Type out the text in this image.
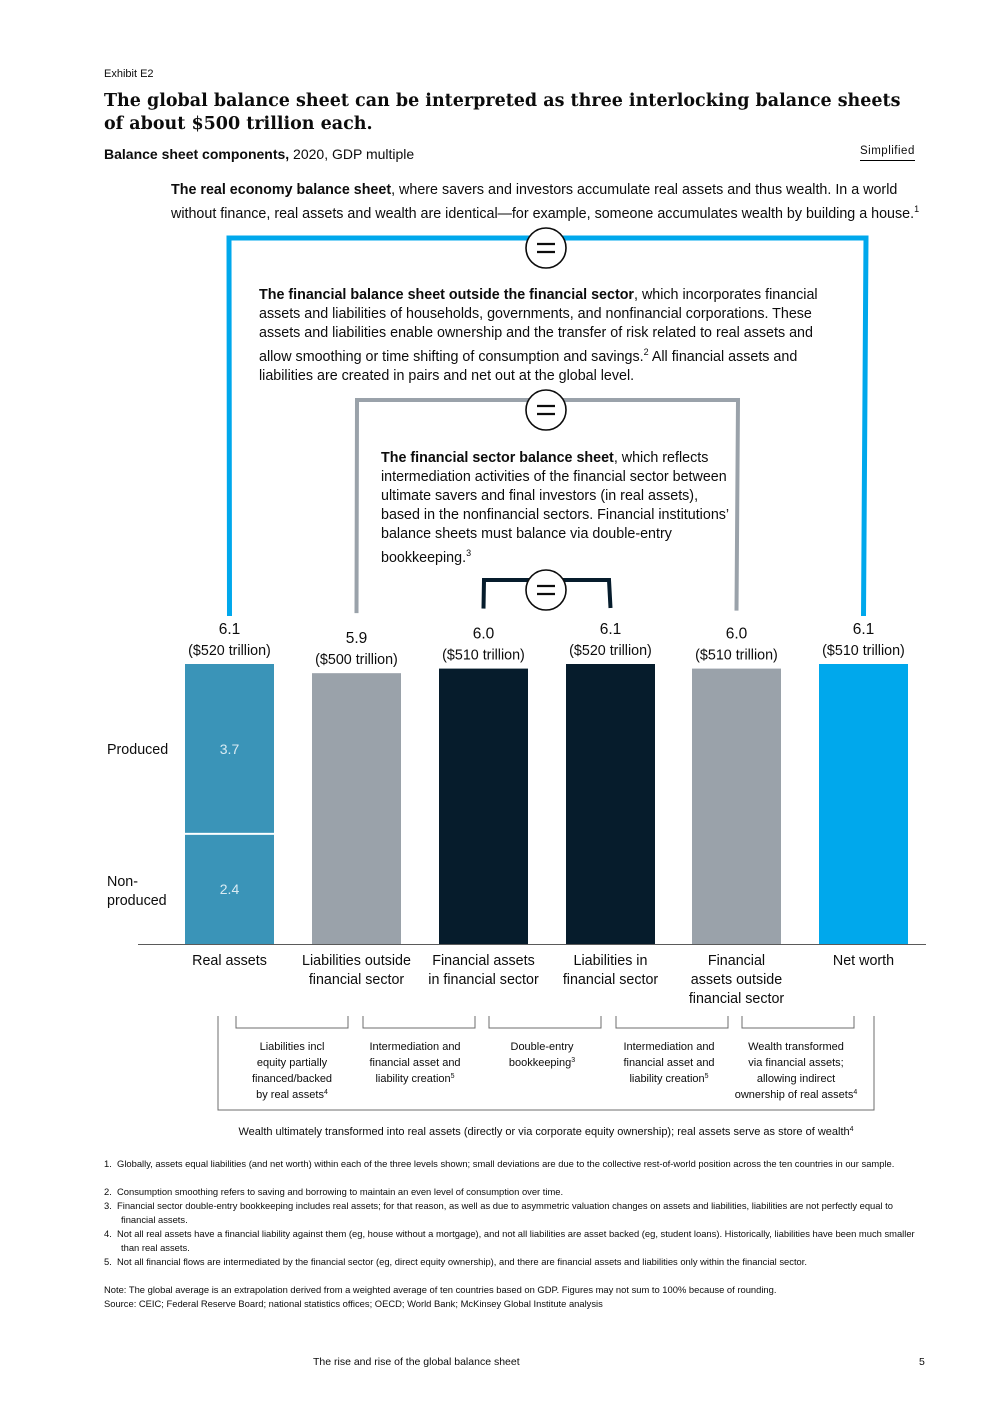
Exhibit E2
The global balance sheet can be interpreted as three interlocking balance sheets of about $500 trillion each.
Balance sheet components, 2020, GDP multiple	Simplified
The real economy balance sheet, where savers and investors accumulate real assets and thus wealth. In a world without finance, real assets and wealth are identical—for example, someone accumulates wealth by building a house.$^1$
The financial balance sheet outside the financial sector, which incorporates financial assets and liabilities of households, governments, and nonfinancial corporations. These assets and liabilities enable ownership and the transfer of risk related to real assets and allow smoothing or time shifting of consumption and savings.$^2$ All financial assets and liabilities are created in pairs and net out at the global level.
The financial sector balance sheet, which reflects intermediation activities of the financial sector between ultimate savers and final investors (in real assets), based in the nonfinancial sectors. Financial institutions’ balance sheets must balance via double-entry bookkeeping.$^3$
3.7
2.4
6.1
($520 trillion)
Real assets
5.9
($500 trillion)
Liabilities outside
financial sector
6.0
($510 trillion)
Financial assets
in financial sector
6.1
($520 trillion)
Liabilities in
financial sector
6.0
($510 trillion)
Financial
assets outside
financial sector
6.1
($510 trillion)
Net worth
Produced
Non-
produced
Liabilities incl
equity partially
financed/backed
by real assets$^4$
Intermediation and
financial asset and
liability creation$^5$
Double-entry
bookkeeping$^3$
Intermediation and
financial asset and
liability creation$^5$
Wealth transformed
via financial assets;
allowing indirect
ownership of real assets$^4$
Wealth ultimately transformed into real assets (directly or via corporate equity ownership); real assets serve as store of wealth$^4$
1.  Globally, assets equal liabilities (and net worth) within each of the three levels shown; small deviations are due to the collective rest-of-world position across the ten countries in our sample.
2.  Consumption smoothing refers to saving and borrowing to maintain an even level of consumption over time.
3.  Financial sector double-entry bookkeeping includes real assets; for that reason, as well as due to asymmetric valuation changes on assets and liabilities, liabilities are not perfectly equal to financial assets.
4.  Not all real assets have a financial liability against them (eg, house without a mortgage), and not all liabilities are asset backed (eg, student loans). Historically, liabilities have been much smaller than real assets.
5.  Not all financial flows are intermediated by the financial sector (eg, direct equity ownership), and there are financial assets and liabilities only within the financial sector.
Note: The global average is an extrapolation derived from a weighted average of ten countries based on GDP. Figures may not sum to 100% because of rounding.
Source: CEIC; Federal Reserve Board; national statistics offices; OECD; World Bank; McKinsey Global Institute analysis
The rise and rise of the global balance sheet	5
